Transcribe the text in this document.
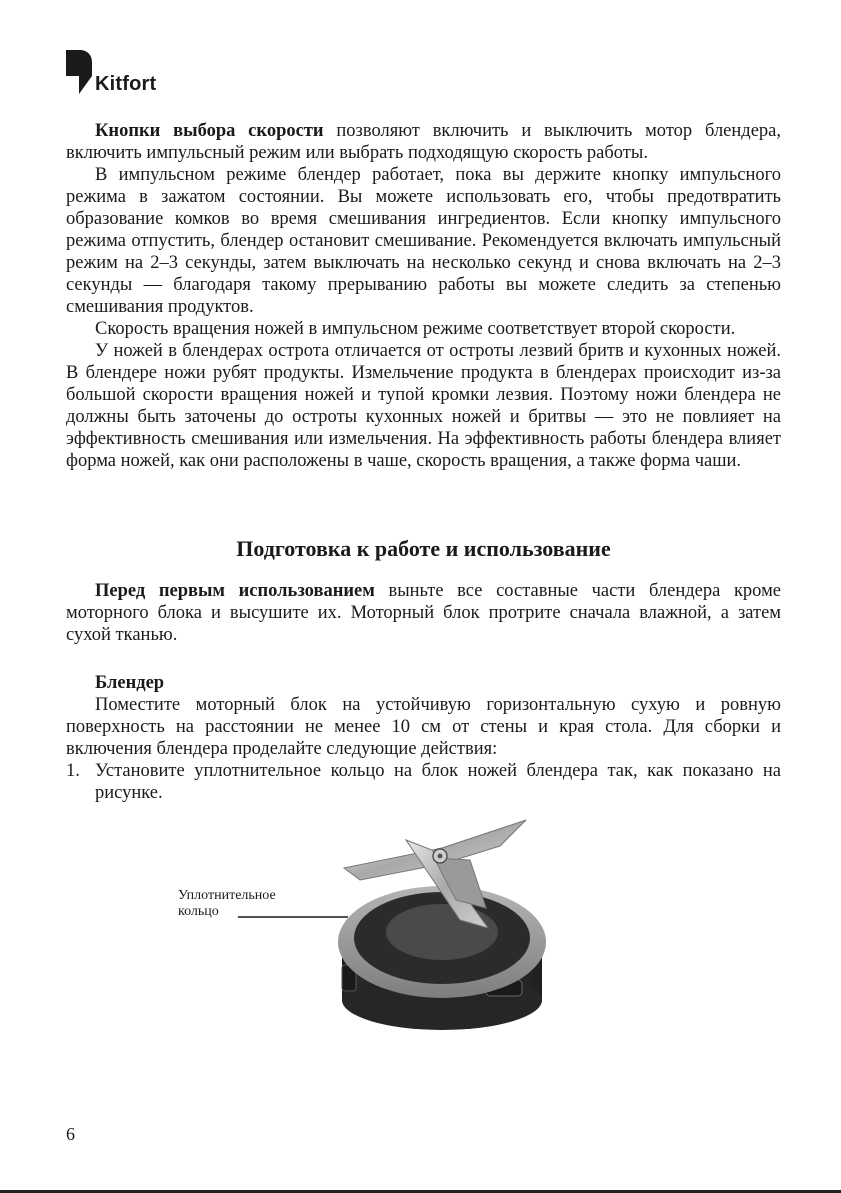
Kitfort

Кнопки выбора скорости позволяют включить и выключить мотор блендера, включить импульсный режим или выбрать подходящую скорость работы.

В импульсном режиме блендер работает, пока вы держите кнопку импульсного режима в зажатом состоянии. Вы можете использовать его, чтобы предотвратить образование комков во время смешивания ингредиентов. Если кнопку импульсного режима отпустить, блендер остановит смешивание. Рекомендуется включать импульсный режим на 2–3 секунды, затем выключать на несколько секунд и снова включать на 2–3 секунды — благодаря такому прерыванию работы вы можете следить за степенью смешивания продуктов.

Скорость вращения ножей в импульсном режиме соответствует второй скорости.

У ножей в блендерах острота отличается от остроты лезвий бритв и кухонных ножей. В блендере ножи рубят продукты. Измельчение продукта в блендерах происходит из-за большой скорости вращения ножей и тупой кромки лезвия. Поэтому ножи блендера не должны быть заточены до остроты кухонных ножей и бритвы — это не повлияет на эффективность смешивания или измельчения. На эффективность работы блендера влияет форма ножей, как они расположены в чаше, скорость вращения, а также форма чаши.

Подготовка к работе и использование

Перед первым использованием выньте все составные части блендера кроме моторного блока и высушите их. Моторный блок протрите сначала влажной, а затем сухой тканью.

Блендер

Поместите моторный блок на устойчивую горизонтальную сухую и ровную поверхность на расстоянии не менее 10 см от стены и края стола. Для сборки и включения блендера проделайте следующие действия:

1. Установите уплотнительное кольцо на блок ножей блендера так, как показано на рисунке.
Уплотнительное
кольцо
6
